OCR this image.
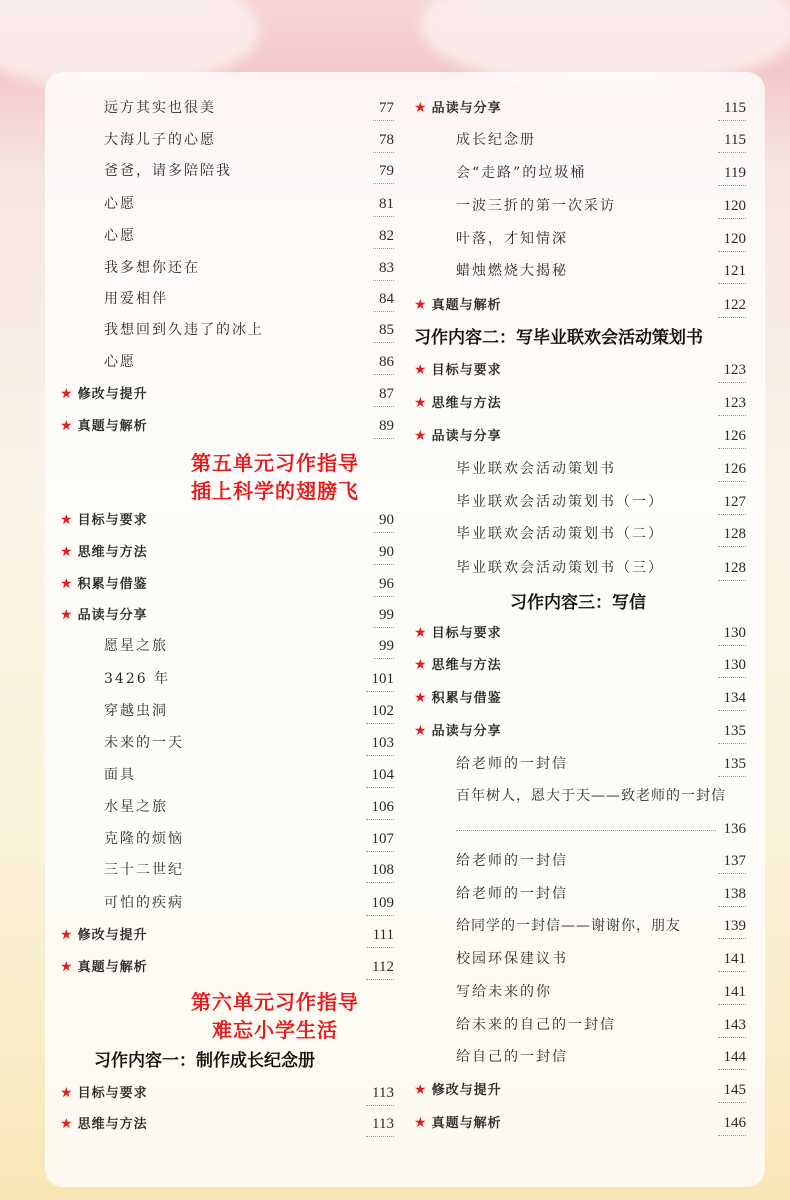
远方其实也很美	77
大海儿子的心愿	78
爸爸，请多陪陪我	79
心愿	81
心愿	82
我多想你还在	83
用爱相伴	84
我想回到久违了的冰上	85
心愿	86
★ 修改与提升	87
★ 真题与解析	89
第五单元习作指导
插上科学的翅膀飞
★ 目标与要求	90
★ 思维与方法	90
★ 积累与借鉴	96
★ 品读与分享	99
愿星之旅	99
3426 年	101
穿越虫洞	102
未来的一天	103
面具	104
水星之旅	106
克隆的烦恼	107
三十二世纪	108
可怕的疾病	109
★ 修改与提升	111
★ 真题与解析	112
第六单元习作指导
难忘小学生活
习作内容一：制作成长纪念册
★ 目标与要求	113
★ 思维与方法	113
★ 品读与分享	115
成长纪念册	115
会“走路”的垃圾桶	119
一波三折的第一次采访	120
叶落，才知情深	120
蜡烛燃烧大揭秘	121
★ 真题与解析	122
习作内容二：写毕业联欢会活动策划书
★ 目标与要求	123
★ 思维与方法	123
★ 品读与分享	126
毕业联欢会活动策划书	126
毕业联欢会活动策划书（一）	127
毕业联欢会活动策划书（二）	128
毕业联欢会活动策划书（三）	128
习作内容三：写信
★ 目标与要求	130
★ 思维与方法	130
★ 积累与借鉴	134
★ 品读与分享	135
给老师的一封信	135
百年树人，恩大于天——致老师的一封信
136
给老师的一封信	137
给老师的一封信	138
给同学的一封信——谢谢你，朋友	139
校园环保建议书	141
写给未来的你	141
给未来的自己的一封信	143
给自己的一封信	144
★ 修改与提升	145
★ 真题与解析	146
